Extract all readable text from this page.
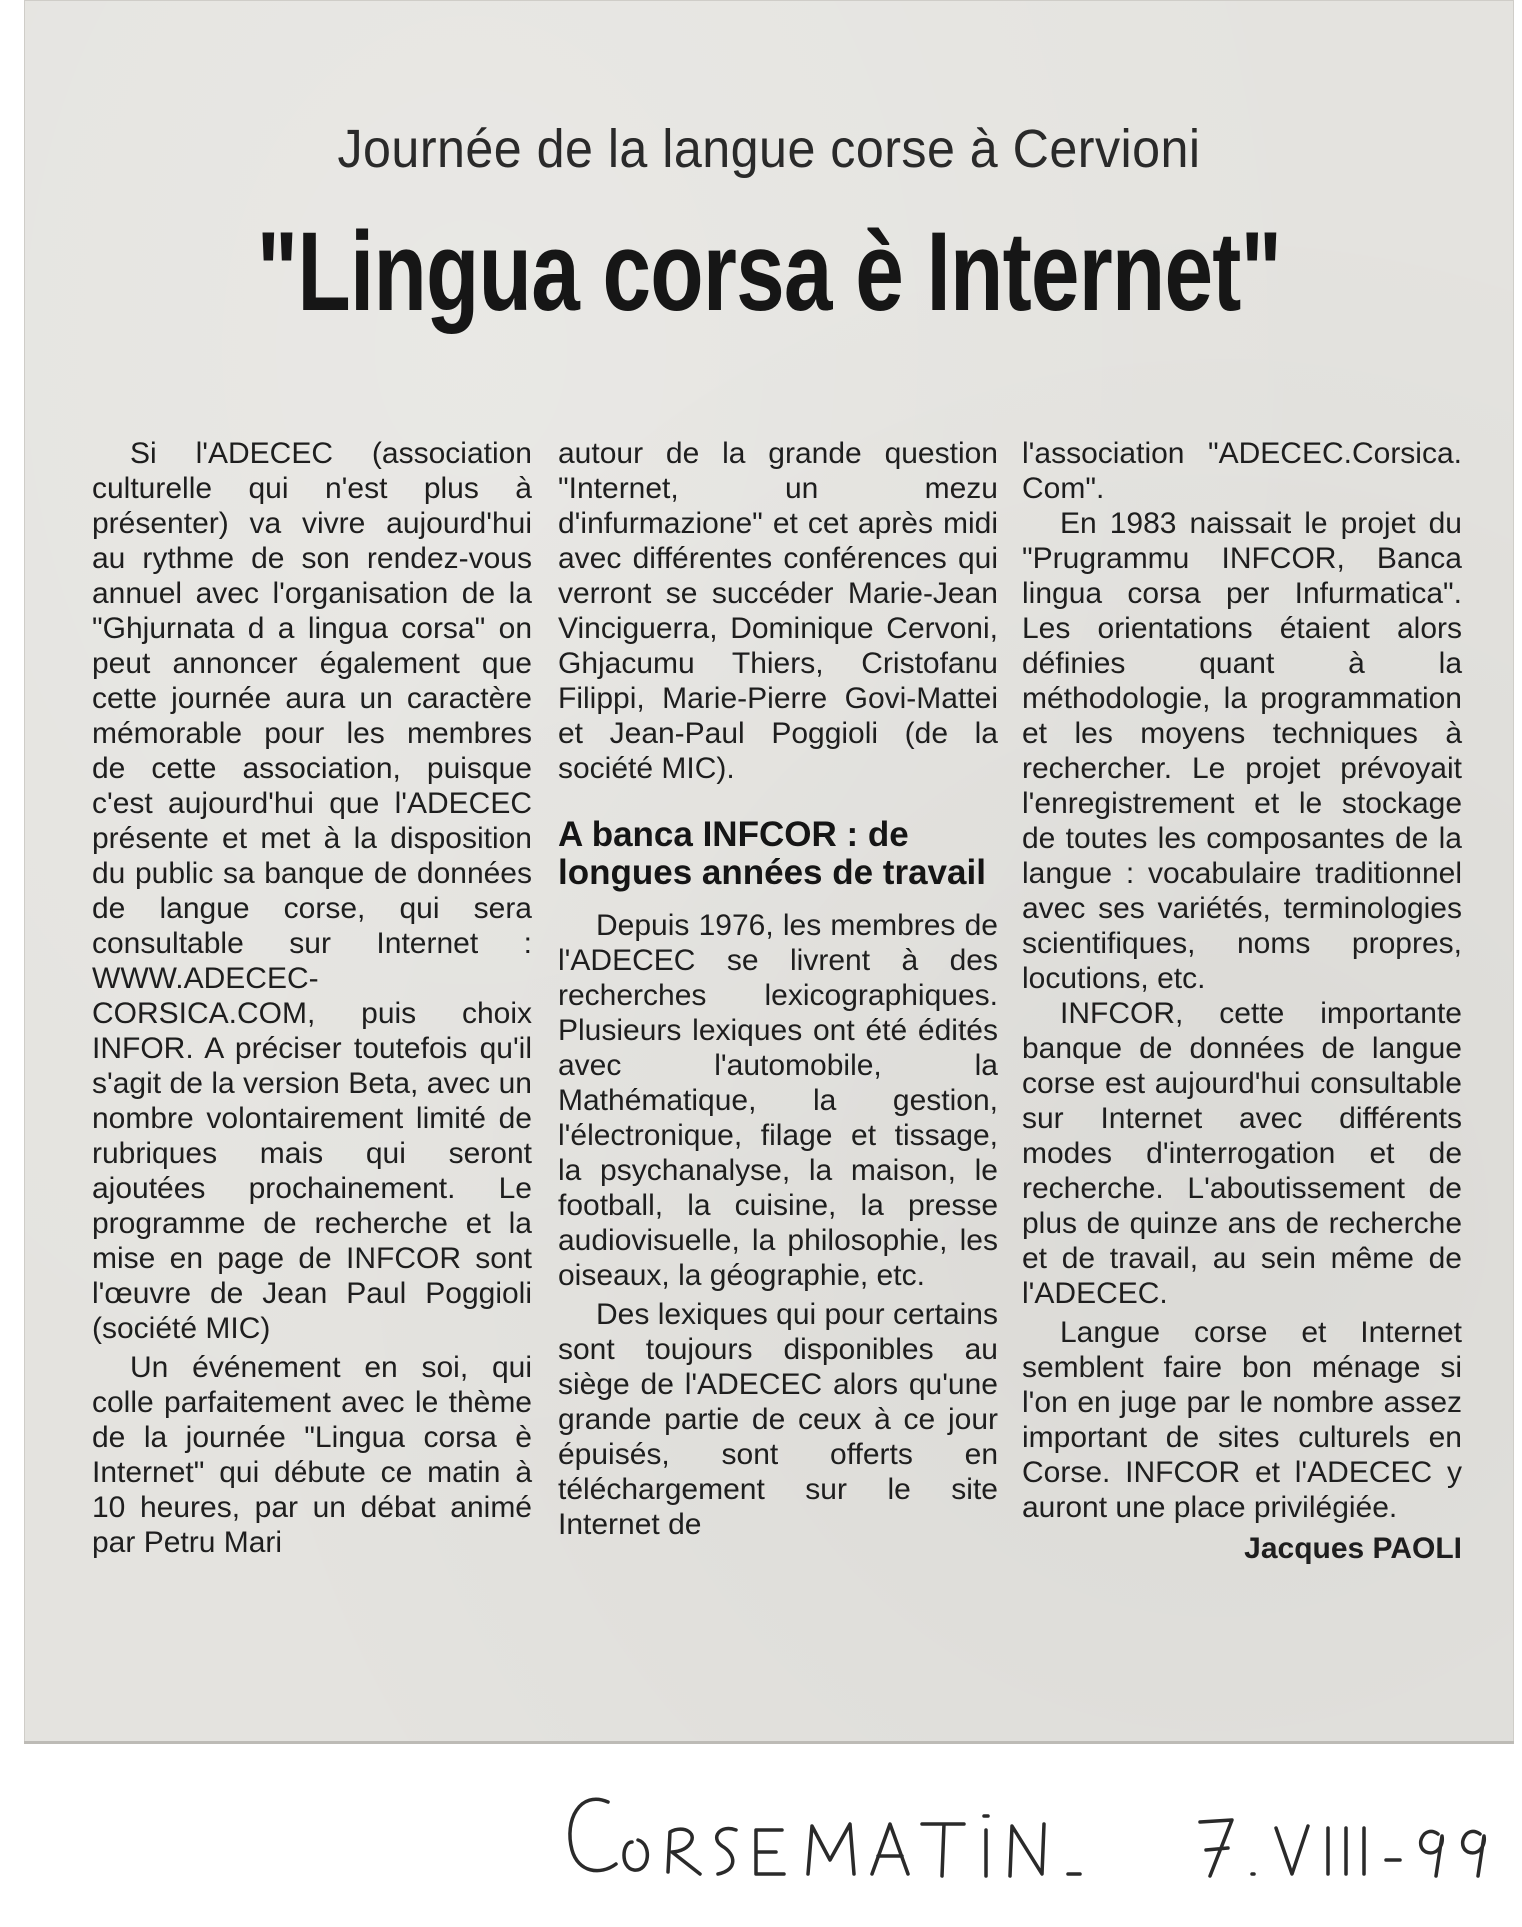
Journée de la langue corse à Cervioni
"Lingua corsa è Internet"

Si l'ADECEC (association culturelle qui n'est plus à présenter) va vivre aujourd'hui au rythme de son rendez-vous annuel avec l'organisation de la "Ghjurnata d a lingua corsa" on peut annoncer également que cette journée aura un caractère mémorable pour les membres de cette association, puisque c'est aujourd'hui que l'ADECEC présente et met à la disposition du public sa banque de données de langue corse, qui sera consultable sur Internet : WWW.ADECEC-CORSICA.COM, puis choix INFOR. A préciser toutefois qu'il s'agit de la version Beta, avec un nombre volontairement limité de rubriques mais qui seront ajoutées prochainement. Le programme de recherche et la mise en page de INFCOR sont l'œuvre de Jean Paul Poggioli (société MIC)

Un événement en soi, qui colle parfaitement avec le thème de la journée "Lingua corsa è Internet" qui débute ce matin à 10 heures, par un débat animé par Petru Mari

autour de la grande question "Internet, un mezu d'infurmazione" et cet après midi avec différentes conférences qui verront se succéder Marie-Jean Vinciguerra, Dominique Cervoni, Ghjacumu Thiers, Cristofanu Filippi, Marie-Pierre Govi-Mattei et Jean-Paul Poggioli (de la société MIC).

A banca INFCOR : de longues années de travail

Depuis 1976, les membres de l'ADECEC se livrent à des recherches lexicographiques. Plusieurs lexiques ont été édités avec l'automobile, la Mathématique, la gestion, l'électronique, filage et tissage, la psychanalyse, la maison, le football, la cuisine, la presse audiovisuelle, la philosophie, les oiseaux, la géographie, etc.

Des lexiques qui pour certains sont toujours disponibles au siège de l'ADECEC alors qu'une grande partie de ceux à ce jour épuisés, sont offerts en téléchargement sur le site Internet de

l'association "ADECEC.Corsica. Com".

En 1983 naissait le projet du "Prugrammu INFCOR, Banca lingua corsa per Infurmatica". Les orientations étaient alors définies quant à la méthodologie, la programmation et les moyens techniques à rechercher. Le projet prévoyait l'enregistrement et le stockage de toutes les composantes de la langue : vocabulaire traditionnel avec ses variétés, terminologies scientifiques, noms propres, locutions, etc.

INFCOR, cette importante banque de données de langue corse est aujourd'hui consultable sur Internet avec différents modes d'interrogation et de recherche. L'aboutissement de plus de quinze ans de recherche et de travail, au sein même de l'ADECEC.

Langue corse et Internet semblent faire bon ménage si l'on en juge par le nombre assez important de sites culturels en Corse. INFCOR et l'ADECEC y auront une place privilégiée.

Jacques PAOLI
